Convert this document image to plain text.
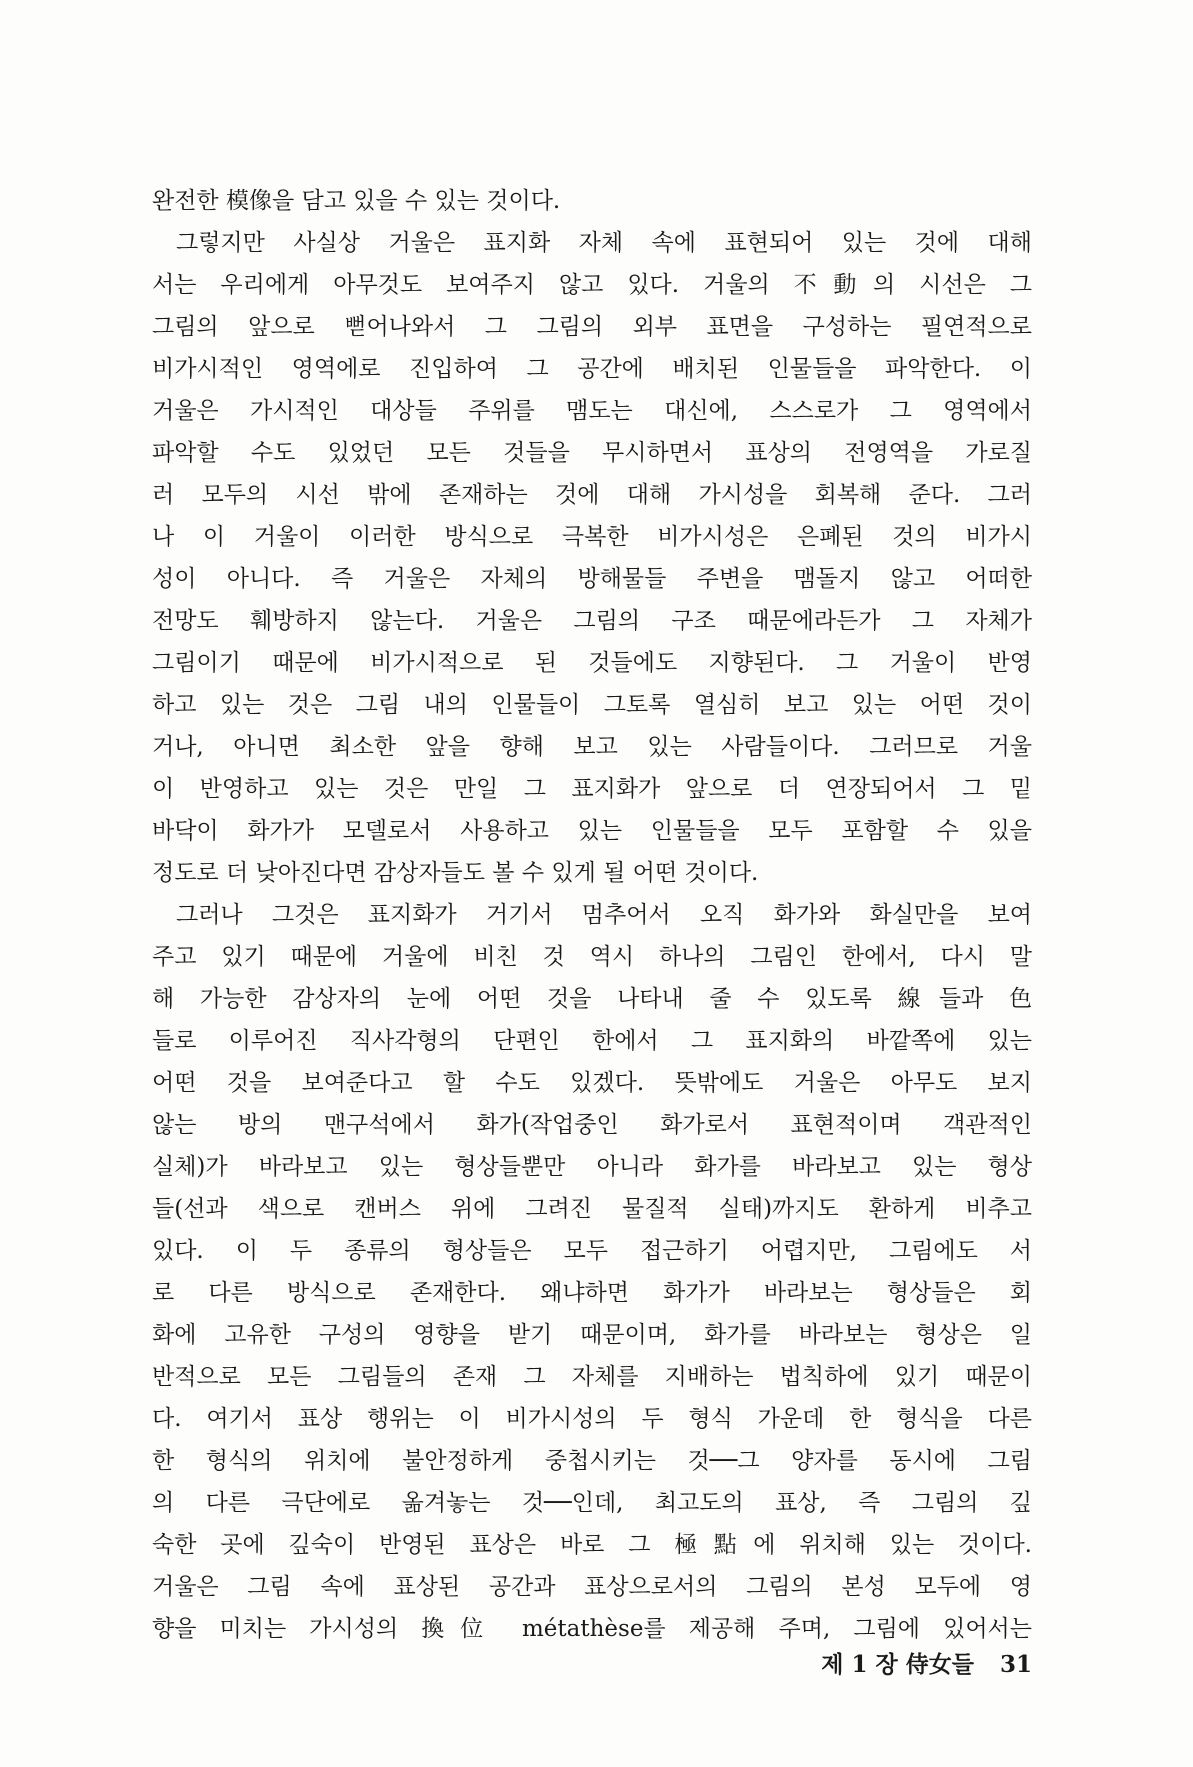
완전한 模像을 담고 있을 수 있는 것이다.
그렇지만 사실상 거울은 표지화 자체 속에 표현되어 있는 것에 대해
서는 우리에게 아무것도 보여주지 않고 있다. 거울의 不動의 시선은 그
그림의 앞으로 뻗어나와서 그 그림의 외부 표면을 구성하는 필연적으로
비가시적인 영역에로 진입하여 그 공간에 배치된 인물들을 파악한다. 이
거울은 가시적인 대상들 주위를 맴도는 대신에, 스스로가 그 영역에서
파악할 수도 있었던 모든 것들을 무시하면서 표상의 전영역을 가로질
러 모두의 시선 밖에 존재하는 것에 대해 가시성을 회복해 준다. 그러
나 이 거울이 이러한 방식으로 극복한 비가시성은 은폐된 것의 비가시
성이 아니다. 즉 거울은 자체의 방해물들 주변을 맴돌지 않고 어떠한
전망도 훼방하지 않는다. 거울은 그림의 구조 때문에라든가 그 자체가
그림이기 때문에 비가시적으로 된 것들에도 지향된다. 그 거울이 반영
하고 있는 것은 그림 내의 인물들이 그토록 열심히 보고 있는 어떤 것이
거나, 아니면 최소한 앞을 향해 보고 있는 사람들이다. 그러므로 거울
이 반영하고 있는 것은 만일 그 표지화가 앞으로 더 연장되어서 그 밑
바닥이 화가가 모델로서 사용하고 있는 인물들을 모두 포함할 수 있을
정도로 더 낮아진다면 감상자들도 볼 수 있게 될 어떤 것이다.
그러나 그것은 표지화가 거기서 멈추어서 오직 화가와 화실만을 보여
주고 있기 때문에 거울에 비친 것 역시 하나의 그림인 한에서, 다시 말
해 가능한 감상자의 눈에 어떤 것을 나타내 줄 수 있도록 線들과 色
들로 이루어진 직사각형의 단편인 한에서 그 표지화의 바깥쪽에 있는
어떤 것을 보여준다고 할 수도 있겠다. 뜻밖에도 거울은 아무도 보지
않는 방의 맨구석에서 화가(작업중인 화가로서 표현적이며 객관적인
실체)가 바라보고 있는 형상들뿐만 아니라 화가를 바라보고 있는 형상
들(선과 색으로 캔버스 위에 그려진 물질적 실태)까지도 환하게 비추고
있다. 이 두 종류의 형상들은 모두 접근하기 어렵지만, 그림에도 서
로 다른 방식으로 존재한다. 왜냐하면 화가가 바라보는 형상들은 회
화에 고유한 구성의 영향을 받기 때문이며, 화가를 바라보는 형상은 일
반적으로 모든 그림들의 존재 그 자체를 지배하는 법칙하에 있기 때문이
다. 여기서 표상 행위는 이 비가시성의 두 형식 가운데 한 형식을 다른
한 형식의 위치에 불안정하게 중첩시키는 것──그 양자를 동시에 그림
의 다른 극단에로 옮겨놓는 것──인데, 최고도의 표상, 즉 그림의 깊
숙한 곳에 깊숙이 반영된 표상은 바로 그 極點에 위치해 있는 것이다.
거울은 그림 속에 표상된 공간과 표상으로서의 그림의 본성 모두에 영
향을 미치는 가시성의 換位 métathèse를 제공해 주며, 그림에 있어서는
제 1 장 侍女들 31
